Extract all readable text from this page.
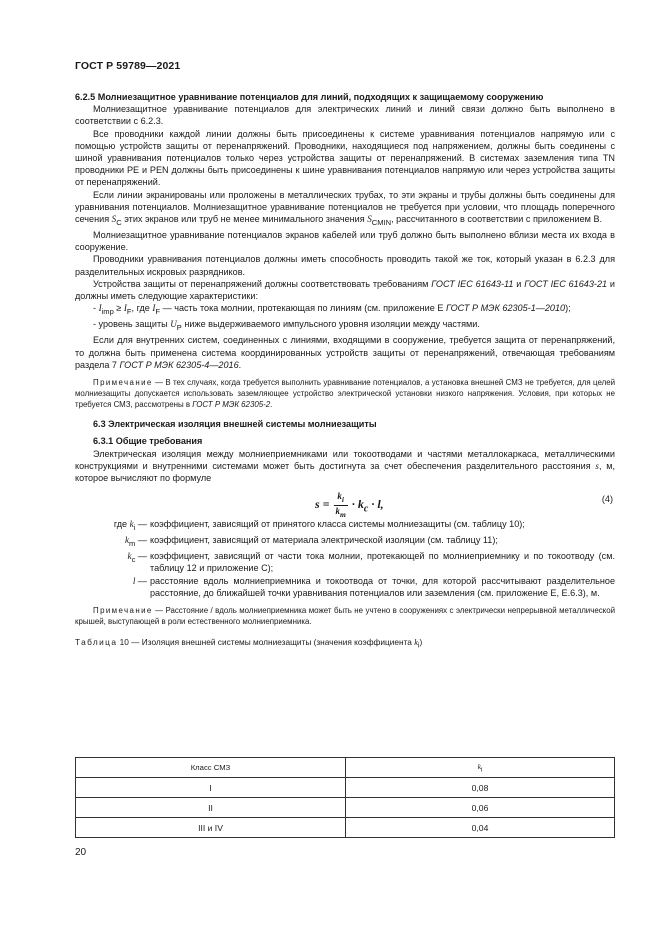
ГОСТ Р 59789—2021

6.2.5 Молниезащитное уравнивание потенциалов для линий, подходящих к защищаемому сооружению

Молниезащитное уравнивание потенциалов для электрических линий и линий связи должно быть выполнено в соответствии с 6.2.3.

Все проводники каждой линии должны быть присоединены к системе уравнивания потенциалов напрямую или с помощью устройств защиты от перенапряжений. Проводники, находящиеся под напряжением, должны быть соединены с шиной уравнивания потенциалов только через устройства защиты от перенапряжений. В системах заземления типа TN проводники PE и PEN должны быть присоединены к шине уравнивания потенциалов напрямую или через устройства защиты от перенапряжений.

Если линии экранированы или проложены в металлических трубах, то эти экраны и трубы должны быть соединены для уравнивания потенциалов. Молниезащитное уравнивание потенциалов не требуется при условии, что площадь поперечного сечения $S_C$ этих экранов или труб не менее минимального значения $S_{CMIN}$, рассчитанного в соответствии с приложением В.

Молниезащитное уравнивание потенциалов экранов кабелей или труб должно быть выполнено вблизи места их входа в сооружение.

Проводники уравнивания потенциалов должны иметь способность проводить такой же ток, который указан в 6.2.3 для разделительных искровых разрядников.

Устройства защиты от перенапряжений должны соответствовать требованиям ГОСТ IEC 61643-11 и ГОСТ IEC 61643-21 и должны иметь следующие характеристики:

- $I_{imp} \ge I_F$, где $I_F$ — часть тока молнии, протекающая по линиям (см. приложение Е ГОСТ Р МЭК 62305-1—2010);

- уровень защиты $U_P$ ниже выдерживаемого импульсного уровня изоляции между частями.

Если для внутренних систем, соединенных с линиями, входящими в сооружение, требуется защита от перенапряжений, то должна быть применена система координированных устройств защиты от перенапряжений, отвечающая требованиям раздела 7 ГОСТ Р МЭК 62305-4—2016.

Примечание — В тех случаях, когда требуется выполнить уравнивание потенциалов, а установка внешней СМЗ не требуется, для целей молниезащиты допускается использовать заземляющее устройство электрической установки низкого напряжения. Условия, при которых не требуется СМЗ, рассмотрены в ГОСТ Р МЭК 62305-2.

6.3 Электрическая изоляция внешней системы молниезащиты

6.3.1 Общие требования

Электрическая изоляция между молниеприемниками или токоотводами и частями металлокаркаса, металлическими конструкциями и внутренними системами может быть достигнута за счет обеспечения разделительного расстояния s, м, которое вычисляют по формуле

$s = \frac{k_i}{k_m} \cdot k_c \cdot l$,	(4)
где $k_i$ — коэффициент, зависящий от принятого класса системы молниезащиты (см. таблицу 10);
$k_m$ — коэффициент, зависящий от материала электрической изоляции (см. таблицу 11);
$k_c$ — коэффициент, зависящий от части тока молнии, протекающей по молниеприемнику и по токоотводу (см. таблицу 12 и приложение С);
l — расстояние вдоль молниеприемника и токоотвода от точки, для которой рассчитывают разделительное расстояние, до ближайшей точки уравнивания потенциалов или заземления (см. приложение Е, Е.6.3), м.

Примечание — Расстояние / вдоль молниеприемника может быть не учтено в сооружениях с электрически непрерывной металлической крышей, выступающей в роли естественного молниеприемника.

Таблица 10 — Изоляция внешней системы молниезащиты (значения коэффициента $k_i$)

Класс СМЗ	$k_i$
I	0,08
II	0,06
III и IV	0,04
20
